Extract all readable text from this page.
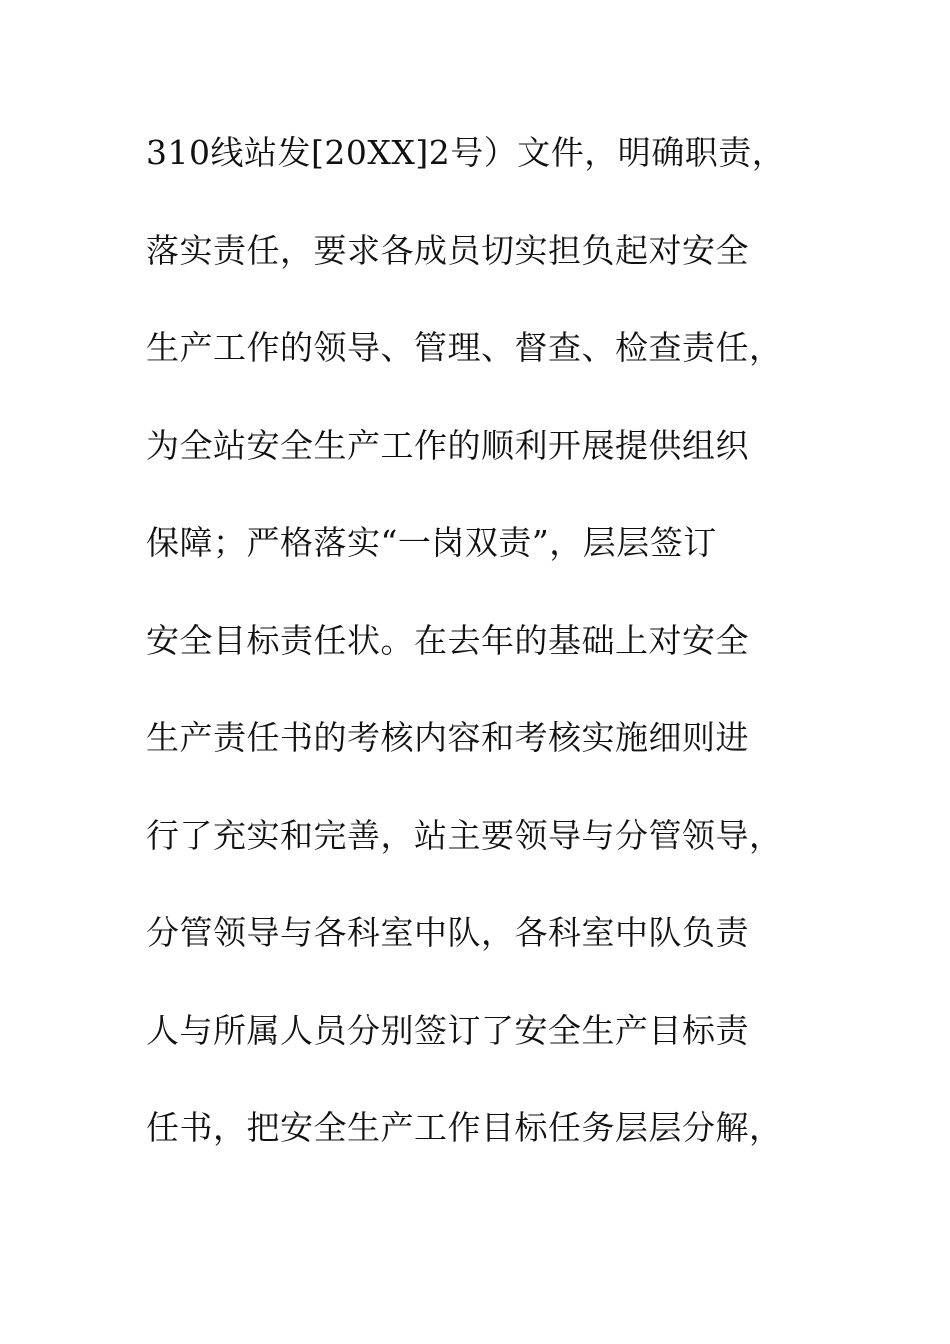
310线站发[20XX]2号）文件，明确职责，
落实责任，要求各成员切实担负起对安全
生产工作的领导、管理、督查、检查责任，
为全站安全生产工作的顺利开展提供组织
保障；严格落实“一岗双责”，层层签订
安全目标责任状。在去年的基础上对安全
生产责任书的考核内容和考核实施细则进
行了充实和完善，站主要领导与分管领导，
分管领导与各科室中队，各科室中队负责
人与所属人员分别签订了安全生产目标责
任书，把安全生产工作目标任务层层分解，
